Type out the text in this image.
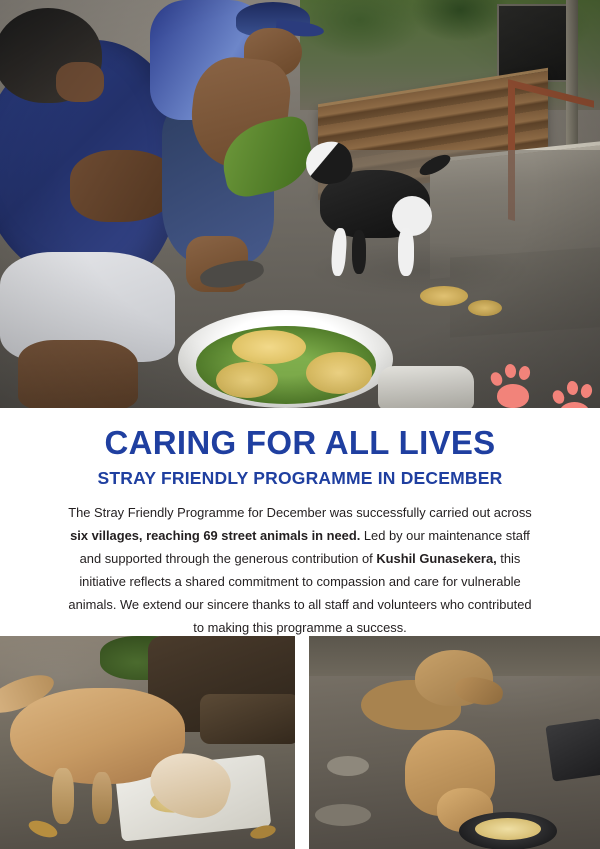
CARING FOR ALL LIVES
STRAY FRIENDLY PROGRAMME IN DECEMBER

The Stray Friendly Programme for December was successfully carried out across six villages, reaching 69 street animals in need. Led by our maintenance staff and supported through the generous contribution of Kushil Gunasekera, this initiative reflects a shared commitment to compassion and care for vulnerable animals. We extend our sincere thanks to all staff and volunteers who contributed to making this programme a success.
